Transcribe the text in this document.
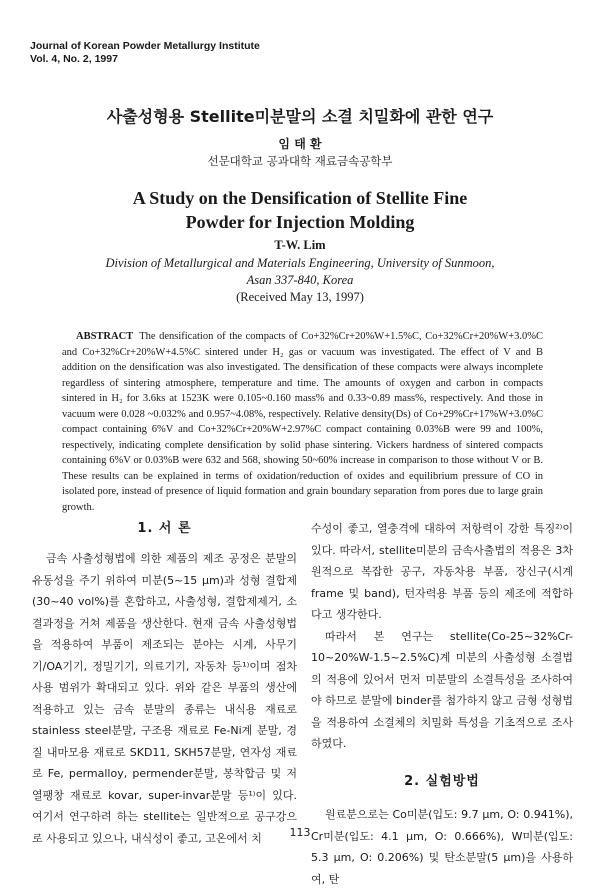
Journal of Korean Powder Metallurgy Institute
Vol. 4, No. 2, 1997
사출성형용 Stellite미분말의 소결 치밀화에 관한 연구
임 태 환
선문대학교 공과대학 재료금속공학부
A Study on the Densification of Stellite Fine
Powder for Injection Molding
T-W. Lim
Division of Metallurgical and Materials Engineering, University of Sunmoon,
Asan 337-840, Korea
(Received May 13, 1997)
ABSTRACT The densification of the compacts of Co+32%Cr+20%W+1.5%C, Co+32%Cr+20%W+3.0%C and Co+32%Cr+20%W+4.5%C sintered under H₂ gas or vacuum was investigated. The effect of V and B addition on the densification was also investigated. The densification of these compacts were always incomplete regardless of sintering atmosphere, temperature and time. The amounts of oxygen and carbon in compacts sintered in H₂ for 3.6ks at 1523K were 0.105~0.160 mass% and 0.33~0.89 mass%, respectively. And those in vacuum were 0.028 ~0.032% and 0.957~4.08%, respectively. Relative density(Ds) of Co+29%Cr+17%W+3.0%C compact containing 6%V and Co+32%Cr+20%W+2.97%C compact containing 0.03%B were 99 and 100%, respectively, indicating complete densification by solid phase sintering. Vickers hardness of sintered compacts containing 6%V or 0.03%B were 632 and 568, showing 50~60% increase in comparison to those without V or B. These results can be explained in terms of oxidation/reduction of oxides and equilibrium pressure of CO in isolated pore, instead of presence of liquid formation and grain boundary separation from pores due to large grain growth.
1. 서 론

금속 사출성형법에 의한 제품의 제조 공정은 분말의 유동성을 주기 위하여 미분(5~15 μm)과 성형 결합제(30~40 vol%)를 혼합하고, 사출성형, 결합제제거, 소결과정을 거쳐 제품을 생산한다. 현재 금속 사출성형법을 적용하여 부품이 제조되는 분야는 시계, 사무기기/OA기기, 정밀기기, 의료기기, 자동차 등¹⁾이며 점차 사용 범위가 확대되고 있다. 위와 같은 부품의 생산에 적용하고 있는 금속 분말의 종류는 내식용 재료로 stainless steel분말, 구조용 재료로 Fe-Ni계 분말, 경질 내마모용 재료로 SKD11, SKH57분말, 연자성 재료로 Fe, permalloy, permender분말, 봉착합금 및 저열팽창 재료로 kovar, super-invar분말 등¹⁾이 있다. 여기서 연구하려 하는 stellite는 일반적으로 공구강으로 사용되고 있으나, 내식성이 좋고, 고온에서 치

수성이 좋고, 열충격에 대하여 저항력이 강한 특징²⁾이 있다. 따라서, stellite미분의 금속사출법의 적용은 3차원적으로 복잡한 공구, 자동차용 부품, 장신구(시계frame 및 band), 턴자력용 부품 등의 제조에 적합하다고 생각한다.

따라서 본 연구는 stellite(Co-25~32%Cr-10~20%W-1.5~2.5%C)계 미분의 사출성형 소결법의 적용에 있어서 먼저 미분말의 소결특성을 조사하여야 하므로 분말에 binder를 첨가하지 않고 금형 성형법을 적용하여 소결체의 치밀화 특성을 기초적으로 조사하였다.

2. 실험방법

원료분으로는 Co미분(입도: 9.7 μm, O: 0.941%), Cr미분(입도: 4.1 μm, O: 0.666%), W미분(입도: 5.3 μm, O: 0.206%) 및 탄소분말(5 μm)을 사용하여, 탄

113
